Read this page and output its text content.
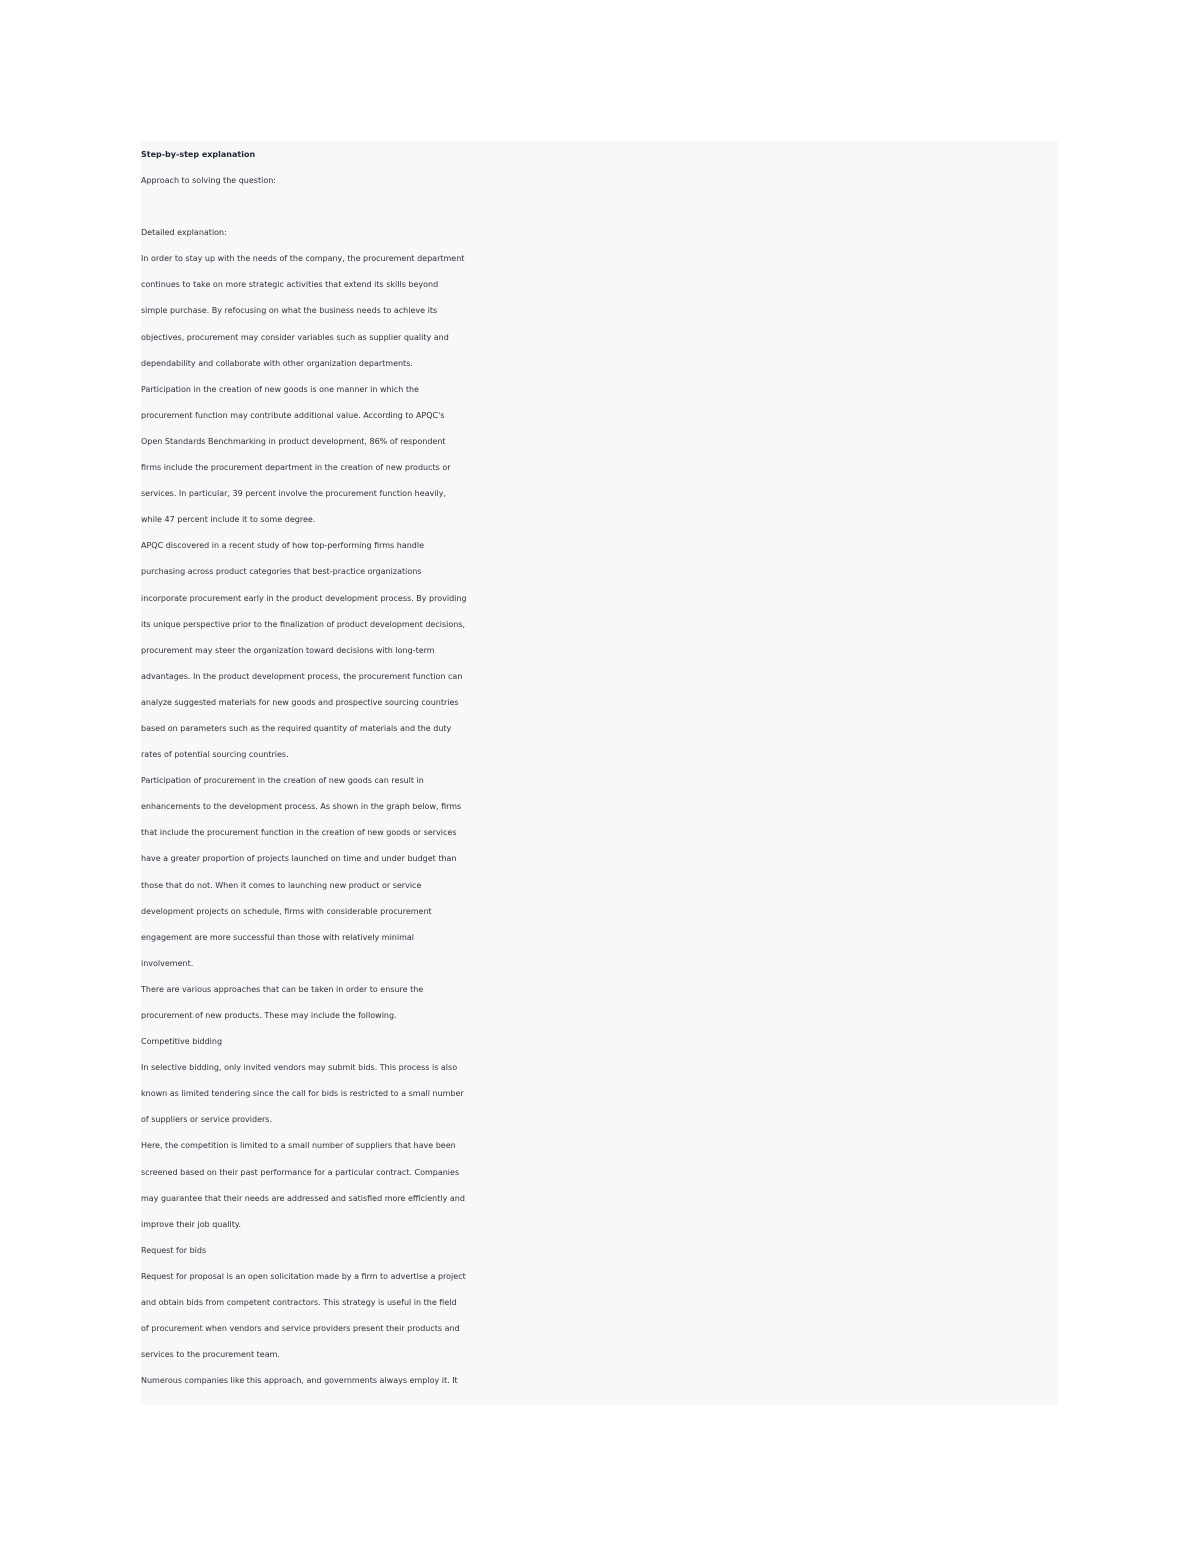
Step-by-step explanation
Approach to solving the question:
Detailed explanation:
In order to stay up with the needs of the company, the procurement department
continues to take on more strategic activities that extend its skills beyond
simple purchase. By refocusing on what the business needs to achieve its
objectives, procurement may consider variables such as supplier quality and
dependability and collaborate with other organization departments.
Participation in the creation of new goods is one manner in which the
procurement function may contribute additional value. According to APQC's
Open Standards Benchmarking in product development, 86% of respondent
firms include the procurement department in the creation of new products or
services. In particular, 39 percent involve the procurement function heavily,
while 47 percent include it to some degree.
APQC discovered in a recent study of how top-performing firms handle
purchasing across product categories that best-practice organizations
incorporate procurement early in the product development process. By providing
its unique perspective prior to the finalization of product development decisions,
procurement may steer the organization toward decisions with long-term
advantages. In the product development process, the procurement function can
analyze suggested materials for new goods and prospective sourcing countries
based on parameters such as the required quantity of materials and the duty
rates of potential sourcing countries.
Participation of procurement in the creation of new goods can result in
enhancements to the development process. As shown in the graph below, firms
that include the procurement function in the creation of new goods or services
have a greater proportion of projects launched on time and under budget than
those that do not. When it comes to launching new product or service
development projects on schedule, firms with considerable procurement
engagement are more successful than those with relatively minimal
involvement.
There are various approaches that can be taken in order to ensure the
procurement of new products. These may include the following.
Competitive bidding
In selective bidding, only invited vendors may submit bids. This process is also
known as limited tendering since the call for bids is restricted to a small number
of suppliers or service providers.
Here, the competition is limited to a small number of suppliers that have been
screened based on their past performance for a particular contract. Companies
may guarantee that their needs are addressed and satisfied more efficiently and
improve their job quality.
Request for bids
Request for proposal is an open solicitation made by a firm to advertise a project
and obtain bids from competent contractors. This strategy is useful in the field
of procurement when vendors and service providers present their products and
services to the procurement team.
Numerous companies like this approach, and governments always employ it. It
